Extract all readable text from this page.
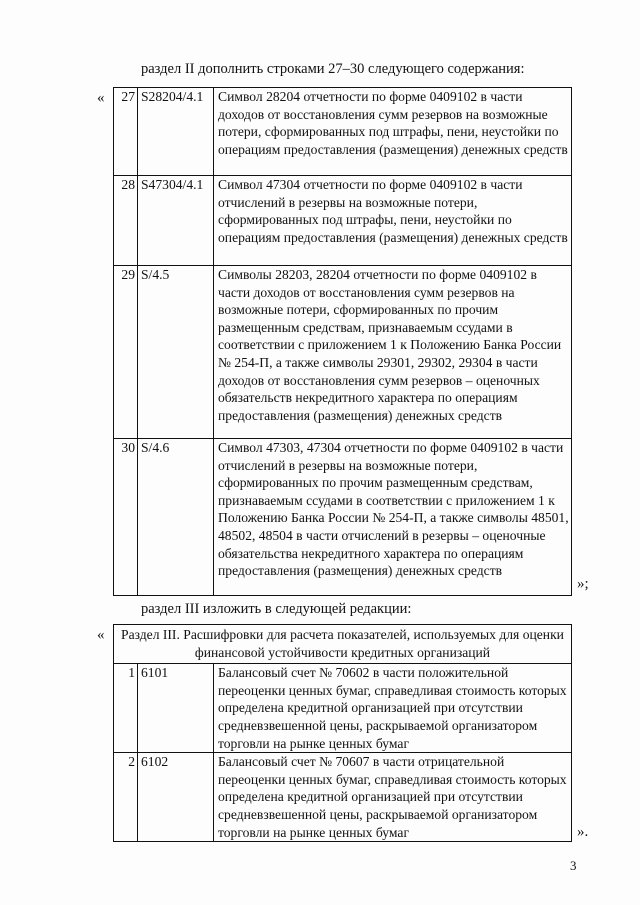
раздел II дополнить строками 27–30 следующего содержания:
« 27	S28204/4.1	Символ 28204 отчетности по форме 0409102 в части доходов от восстановления сумм резервов на возможные потери, сформированных под штрафы, пени, неустойки по операциям предоставления (размещения) денежных средств
28	S47304/4.1	Символ 47304 отчетности по форме 0409102 в части отчислений в резервы на возможные потери, сформированных под штрафы, пени, неустойки по операциям предоставления (размещения) денежных средств
29	S/4.5	Символы 28203, 28204 отчетности по форме 0409102 в части доходов от восстановления сумм резервов на возможные потери, сформированных по прочим размещенным средствам, признаваемым ссудами в соответствии с приложением 1 к Положению Банка России № 254-П, а также символы 29301, 29302, 29304 в части доходов от восстановления сумм резервов – оценочных обязательств некредитного характера по операциям предоставления (размещения) денежных средств
30	S/4.6	Символ 47303, 47304 отчетности по форме 0409102 в части отчислений в резервы на возможные потери, сформированных по прочим размещенным средствам, признаваемым ссудами в соответствии с приложением 1 к Положению Банка России № 254-П, а также символы 48501, 48502, 48504 в части отчислений в резервы – оценочные обязательства некредитного характера по операциям предоставления (размещения) денежных средств
»;
раздел III изложить в следующей редакции:
« Раздел III. Расшифровки для расчета показателей, используемых для оценки финансовой устойчивости кредитных организаций		
1	6101	Балансовый счет № 70602 в части положительной переоценки ценных бумаг, справедливая стоимость которых определена кредитной организацией при отсутствии средневзвешенной цены, раскрываемой организатором торговли на рынке ценных бумаг
2	6102	Балансовый счет № 70607 в части отрицательной переоценки ценных бумаг, справедливая стоимость которых определена кредитной организацией при отсутствии средневзвешенной цены, раскрываемой организатором торговли на рынке ценных бумаг	».
3
